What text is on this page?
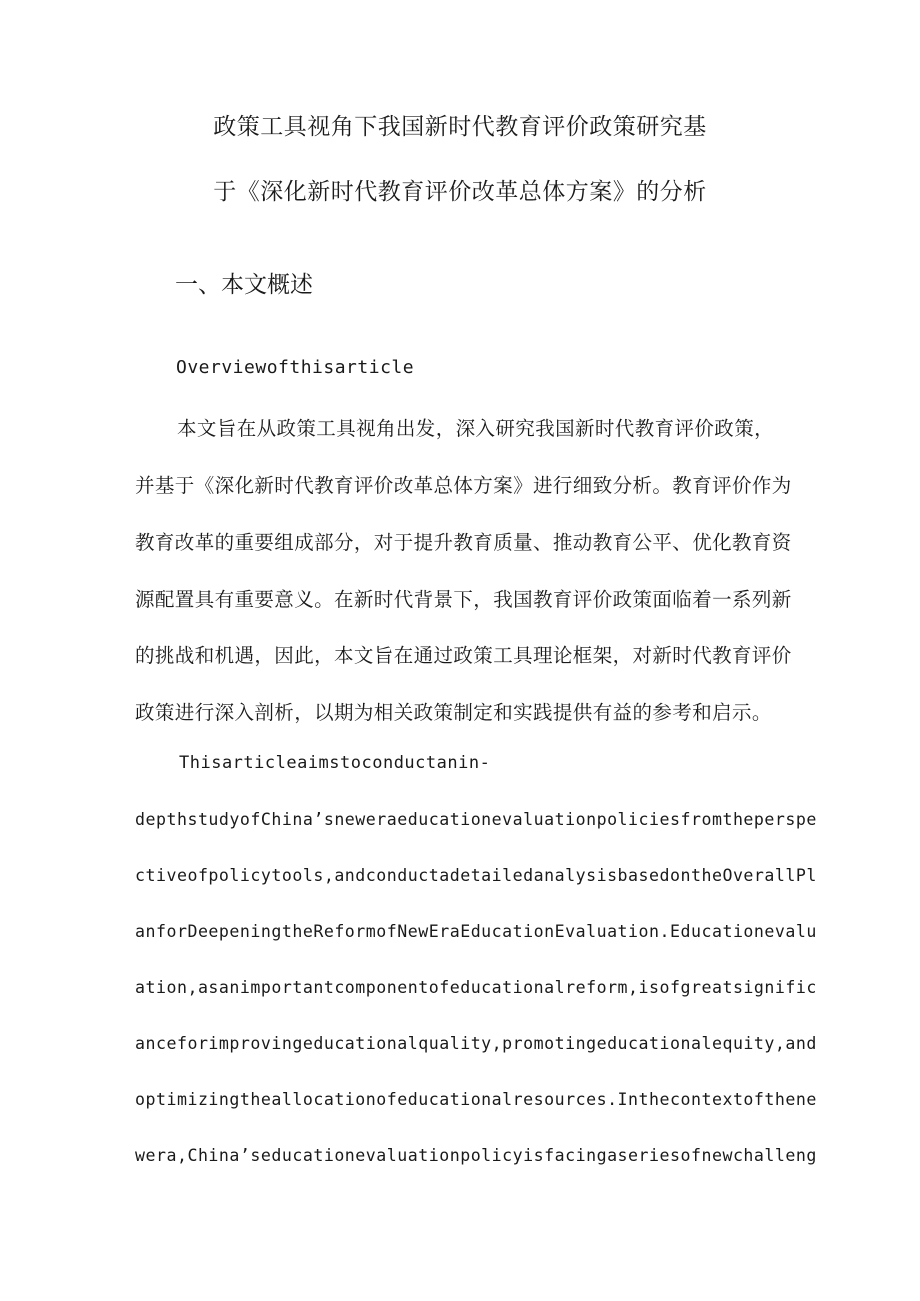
政策工具视角下我国新时代教育评价政策研究基
于《深化新时代教育评价改革总体方案》的分析
一、本文概述
Overviewofthisarticle
本文旨在从政策工具视角出发，深入研究我国新时代教育评价政策，
并基于《深化新时代教育评价改革总体方案》进行细致分析。教育评价作为
教育改革的重要组成部分，对于提升教育质量、推动教育公平、优化教育资
源配置具有重要意义。在新时代背景下，我国教育评价政策面临着一系列新
的挑战和机遇，因此，本文旨在通过政策工具理论框架，对新时代教育评价
政策进行深入剖析，以期为相关政策制定和实践提供有益的参考和启示。
Thisarticleaimstoconductanin-
depthstudyofChina’sneweraeducationevaluationpoliciesfromtheperspe
ctiveofpolicytools,andconductadetailedanalysisbasedontheOverallPl
anforDeepeningtheReformofNewEraEducationEvaluation.Educationevalu
ation,asanimportantcomponentofeducationalreform,isofgreatsignific
anceforimprovingeducationalquality,promotingeducationalequity,and
optimizingtheallocationofeducationalresources.Inthecontextofthene
wera,China’seducationevaluationpolicyisfacingaseriesofnewchalleng
